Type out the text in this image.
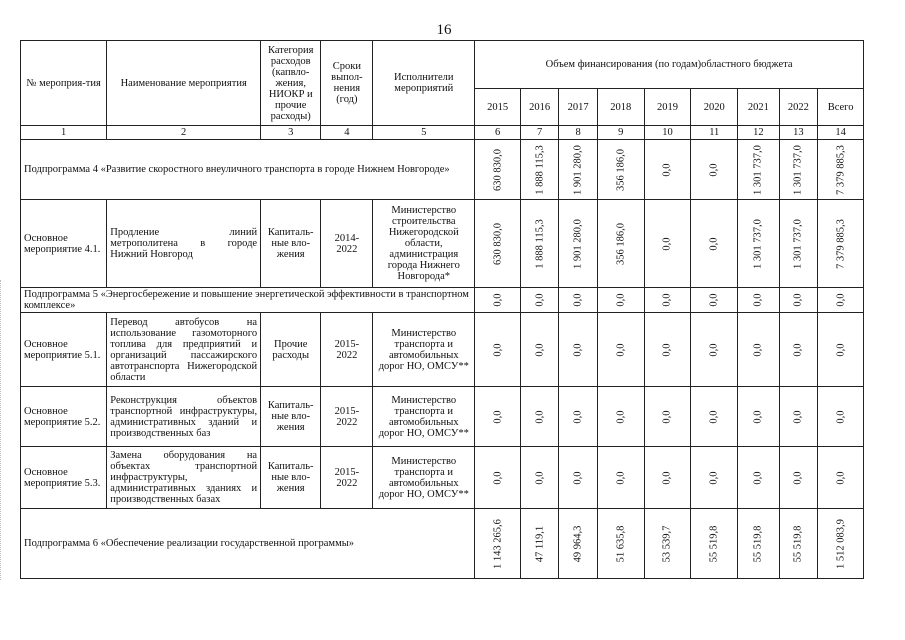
16
№ мероприя-тия	Наименование мероприятия	Категория расходов (капвло-жения, НИОКР и прочие расходы)	Сроки выпол-нения (год)	Исполнители мероприятий	Объем финансирования (по годам)областного бюджета								
					2015	2016	2017	2018	2019	2020	2021	2022	Всего
1	2	3	4	5	6	7	8	9	10	11	12	13	14
Подпрограмма 4 «Развитие скоростного внеуличного транспорта в городе Нижнем Новгороде»					630 830,0	1 888 115,3	1 901 280,0	356 186,0	0,0	0,0	1 301 737,0	1 301 737,0	7 379 885,3

Основное мероприятие 4.1.	Продление линий метрополитена в городе Нижний Новгород	Капиталь-ные вло-жения	2014-2022	Министерство строительства Нижегородской области, администрация города Нижнего Новгорода*	630 830,0	1 888 115,3	1 901 280,0	356 186,0	0,0	0,0	1 301 737,0	1 301 737,0	7 379 885,3

Подпрограмма 5 «Энергосбережение и повышение энергетической эффективности в транспортном комплексе»					0,0	0,0	0,0	0,0	0,0	0,0	0,0	0,0	0,0

Основное мероприятие 5.1.	Перевод автобусов на использование газомоторного топлива для предприятий и организаций пассажирского автотранспорта Нижегородской области	Прочие расходы	2015-2022	Министерство транспорта и автомобильных дорог НО, ОМСУ**	0,0	0,0	0,0	0,0	0,0	0,0	0,0	0,0	0,0

Основное мероприятие 5.2.	Реконструкция объектов транспортной инфраструктуры, административных зданий и производственных баз	Капиталь-ные вло-жения	2015-2022	Министерство транспорта и автомобильных дорог НО, ОМСУ**	0,0	0,0	0,0	0,0	0,0	0,0	0,0	0,0	0,0

Основное мероприятие 5.3.	Замена оборудования на объектах транспортной инфраструктуры, административных зданиях и производственных базах	Капиталь-ные вло-жения	2015-2022	Министерство транспорта и автомобильных дорог НО, ОМСУ**	0,0	0,0	0,0	0,0	0,0	0,0	0,0	0,0	0,0

Подпрограмма 6 «Обеспечение реализации государственной программы»					1 143 265,6	47 119,1	49 964,3	51 635,8	53 539,7	55 519,8	55 519,8	55 519,8	1 512 083,9
